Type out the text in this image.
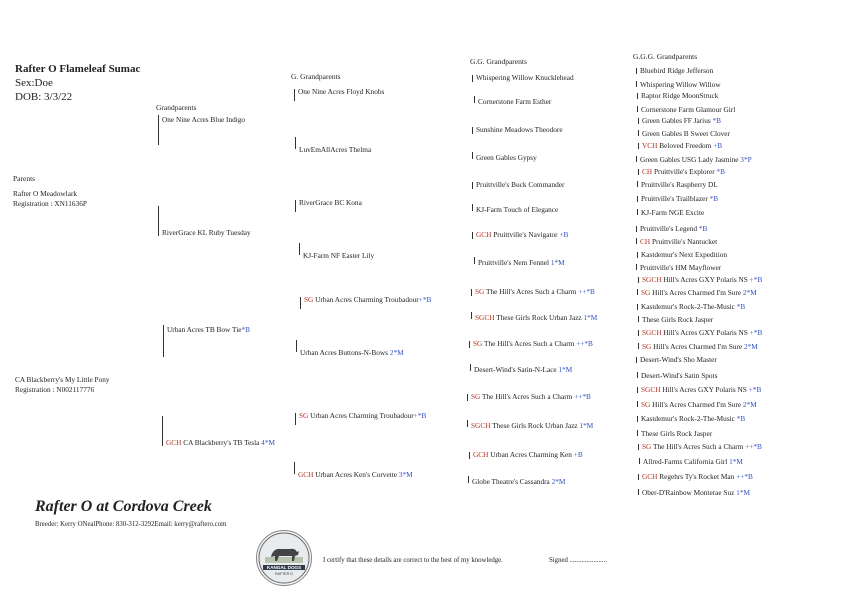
Rafter O Flameleaf Sumac
Sex:Doe
DOB: 3/3/22
Parents
Grandparents
G. Grandparents
G.G. Grandparents
G.G.G. Grandparents
Rafter O Meadowlark
Registration : XN11636P
CA Blackberry's My Little Pony
Registration : N002117776
One Nine Acres Blue Indigo
RiverGrace KL Ruby Tuesday
Urban Acres TB Bow Tie*B
GCH CA Blackberry's TB Tesla 4*M
One Nine Acres Floyd Knobs
LuvEmAllAcres Thelma
RiverGrace BC Kona
KJ-Farm NF Easter Lily
SG Urban Acres Charming Troubadour+*B
Urban Acres Buttons-N-Bows 2*M
SG Urban Acres Charming Troubadour+*B
GCH Urban Acres Ken's Corvette 3*M
Whispering Willow Knucklehead
Cornerstone Farm Esther
Sunshine Meadows Theodore
Green Gables Gypsy
Pruittville's Buck Commander
KJ-Farm Touch of Elegance
GCH Pruittville's Navigator +B
Pruittville's Nem Fennel 1*M
SG The Hill's Acres Such a Charm ++*B
SGCH These Girls Rock Urban Jazz 1*M
SG The Hill's Acres Such a Charm ++*B
Desert-Wind's Satin-N-Lace 1*M
SG The Hill's Acres Such a Charm ++*B
SGCH These Girls Rock Urban Jazz 1*M
GCH Urban Acres Charming Ken +B
Globe Theatre's Cassandra 2*M
Bluebird Ridge Jefferson
Whispering Willow Willow
Raptor Ridge MoonStruck
Cornerstone Farm Glamour Girl
Green Gables FF Jarius *B
Green Gables B Sweet Clover
VCH Beloved Freedom +B
Green Gables USG Lady Jasmine 3*P
CH Pruittville's Explorer *B
Pruittville's Raspberry DL
Pruittville's Trailblazer *B
KJ-Farm NGE Excite
Pruittville's Legend *B
CH Pruittville's Nantucket
Kastdemur's Next Expedition
Pruittville's HM Mayflower
SGCH Hill's Acres GXY Polaris NS +*B
SG Hill's Acres Charmed I'm Sure 2*M
Kastdemur's Rock-2-The-Music *B
These Girls Rock Jasper
SGCH Hill's Acres GXY Polaris NS +*B
SG Hill's Acres Charmed I'm Sure 2*M
Desert-Wind's Sho Master
Desert-Wind's Satin Spots
SGCH Hill's Acres GXY Polaris NS +*B
SG Hill's Acres Charmed I'm Sure 2*M
Kastdemur's Rock-2-The-Music *B
These Girls Rock Jasper
SG The Hill's Acres Such a Charm ++*B
Allred-Farms California Girl 1*M
GCH Regehrs Ty's Rocket Man ++*B
Ober-D'Rainbow Monterae Suz 1*M
Rafter O at Cordova Creek
Breeder: Kerry ONealPhone: 830-312-3292Email: kerry@raftero.com
KANGAL DOGS
RAFTER O
I certify that these details are correct to the best of my knowledge.	Signed ......................
